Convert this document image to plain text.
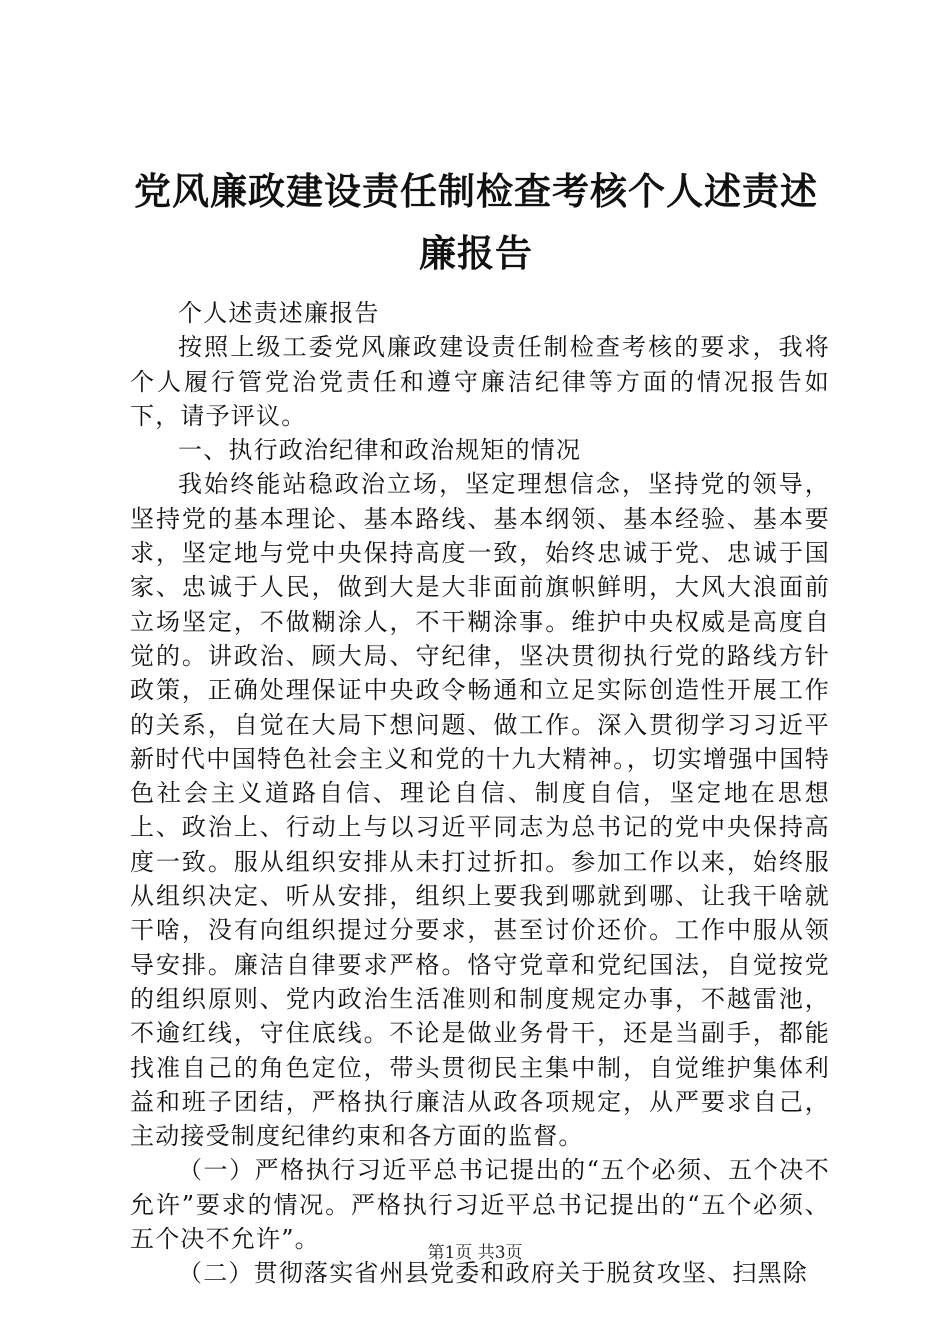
党风廉政建设责任制检查考核个人述责述廉报告

个人述责述廉报告

按照上级工委党风廉政建设责任制检查考核的要求，我将个人履行管党治党责任和遵守廉洁纪律等方面的情况报告如下，请予评议。

一、执行政治纪律和政治规矩的情况

我始终能站稳政治立场，坚定理想信念，坚持党的领导，坚持党的基本理论、基本路线、基本纲领、基本经验、基本要求，坚定地与党中央保持高度一致，始终忠诚于党、忠诚于国家、忠诚于人民，做到大是大非面前旗帜鲜明，大风大浪面前立场坚定，不做糊涂人，不干糊涂事。维护中央权威是高度自觉的。讲政治、顾大局、守纪律，坚决贯彻执行党的路线方针政策，正确处理保证中央政令畅通和立足实际创造性开展工作的关系，自觉在大局下想问题、做工作。深入贯彻学习习近平新时代中国特色社会主义和党的十九大精神。，切实增强中国特色社会主义道路自信、理论自信、制度自信，坚定地在思想上、政治上、行动上与以习近平同志为总书记的党中央保持高度一致。服从组织安排从未打过折扣。参加工作以来，始终服从组织决定、听从安排，组织上要我到哪就到哪、让我干啥就干啥，没有向组织提过分要求，甚至讨价还价。工作中服从领导安排。廉洁自律要求严格。恪守党章和党纪国法，自觉按党的组织原则、党内政治生活准则和制度规定办事，不越雷池，不逾红线，守住底线。不论是做业务骨干，还是当副手，都能找准自己的角色定位，带头贯彻民主集中制，自觉维护集体利益和班子团结，严格执行廉洁从政各项规定，从严要求自己，主动接受制度纪律约束和各方面的监督。

（一）严格执行习近平总书记提出的“五个必须、五个决不允许”要求的情况。严格执行习近平总书记提出的“五个必须、五个决不允许”。

（二）贯彻落实省州县党委和政府关于脱贫攻坚、扫黑除

第1页 共3页
